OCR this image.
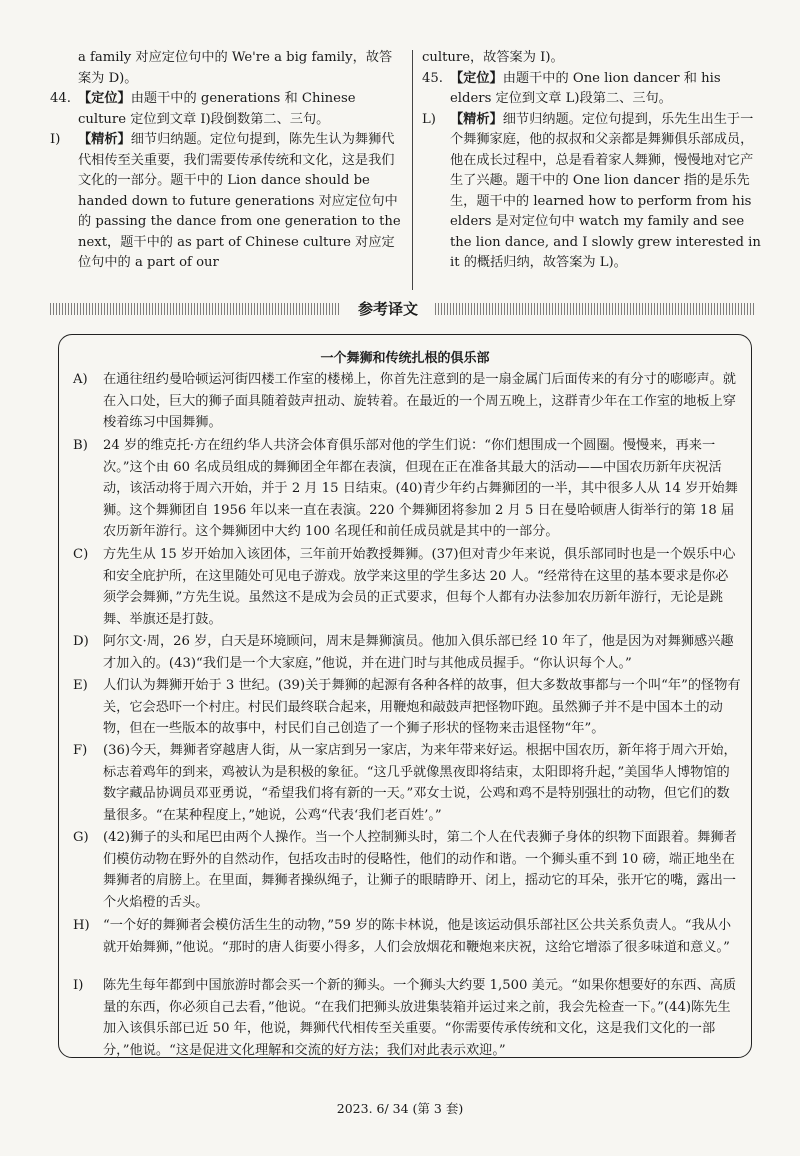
a family 对应定位句中的 We're a big family，故答案为 D)。

44. 【定位】由题干中的 generations 和 Chinese culture 定位到文章 I)段倒数第二、三句。
I) 【精析】细节归纳题。定位句提到，陈先生认为舞狮代代相传至关重要，我们需要传承传统和文化，这是我们文化的一部分。题干中的 Lion dance should be handed down to future generations 对应定位句中的 passing the dance from one generation to the next，题干中的 as part of Chinese culture 对应定位句中的 a part of our

culture，故答案为 I)。

45. 【定位】由题干中的 One lion dancer 和 his elders 定位到文章 L)段第二、三句。
L) 【精析】细节归纳题。定位句提到，乐先生出生于一个舞狮家庭，他的叔叔和父亲都是舞狮俱乐部成员，他在成长过程中，总是看着家人舞狮，慢慢地对它产生了兴趣。题干中的 One lion dancer 指的是乐先生，题干中的 learned how to perform from his elders 是对定位句中 watch my family and see the lion dance, and I slowly grew interested in it 的概括归纳，故答案为 L)。
参考译文
一个舞狮和传统扎根的俱乐部
A) 在通往纽约曼哈顿运河街四楼工作室的楼梯上，你首先注意到的是一扇金属门后面传来的有分寸的嘭嘭声。就在入口处，巨大的狮子面具随着鼓声扭动、旋转着。在最近的一个周五晚上，这群青少年在工作室的地板上穿梭着练习中国舞狮。
B) 24 岁的维克托·方在纽约华人共济会体育俱乐部对他的学生们说：“你们想围成一个圆圈。慢慢来，再来一次。”这个由 60 名成员组成的舞狮团全年都在表演，但现在正在准备其最大的活动——中国农历新年庆祝活动，该活动将于周六开始，并于 2 月 15 日结束。(40)青少年约占舞狮团的一半，其中很多人从 14 岁开始舞狮。这个舞狮团自 1956 年以来一直在表演。220 个舞狮团将参加 2 月 5 日在曼哈顿唐人街举行的第 18 届农历新年游行。这个舞狮团中大约 100 名现任和前任成员就是其中的一部分。
C) 方先生从 15 岁开始加入该团体，三年前开始教授舞狮。(37)但对青少年来说，俱乐部同时也是一个娱乐中心和安全庇护所，在这里随处可见电子游戏。放学来这里的学生多达 20 人。“经常待在这里的基本要求是你必须学会舞狮，”方先生说。虽然这不是成为会员的正式要求，但每个人都有办法参加农历新年游行，无论是跳舞、举旗还是打鼓。
D) 阿尔文·周，26 岁，白天是环境顾问，周末是舞狮演员。他加入俱乐部已经 10 年了，他是因为对舞狮感兴趣才加入的。(43)“我们是一个大家庭，”他说，并在进门时与其他成员握手。“你认识每个人。”
E) 人们认为舞狮开始于 3 世纪。(39)关于舞狮的起源有各种各样的故事，但大多数故事都与一个叫“年”的怪物有关，它会恐吓一个村庄。村民们最终联合起来，用鞭炮和敲鼓声把怪物吓跑。虽然狮子并不是中国本土的动物，但在一些版本的故事中，村民们自己创造了一个狮子形状的怪物来击退怪物“年”。
F) (36)今天，舞狮者穿越唐人街，从一家店到另一家店，为来年带来好运。根据中国农历，新年将于周六开始，标志着鸡年的到来，鸡被认为是积极的象征。“这几乎就像黑夜即将结束，太阳即将升起，”美国华人博物馆的数字藏品协调员邓亚勇说，“希望我们将有新的一天。”邓女士说，公鸡和鸡不是特别强壮的动物，但它们的数量很多。“在某种程度上，”她说，公鸡“代表‘我们老百姓’。”
G) (42)狮子的头和尾巴由两个人操作。当一个人控制狮头时，第二个人在代表狮子身体的织物下面跟着。舞狮者们模仿动物在野外的自然动作，包括攻击时的侵略性，他们的动作和谐。一个狮头重不到 10 磅，端正地坐在舞狮者的肩膀上。在里面，舞狮者操纵绳子，让狮子的眼睛睁开、闭上，摇动它的耳朵，张开它的嘴，露出一个火焰橙的舌头。
H) “一个好的舞狮者会模仿活生生的动物，”59 岁的陈卡林说，他是该运动俱乐部社区公共关系负责人。“我从小就开始舞狮，”他说。“那时的唐人街要小得多，人们会放烟花和鞭炮来庆祝，这给它增添了很多味道和意义。”
I) 陈先生每年都到中国旅游时都会买一个新的狮头。一个狮头大约要 1,500 美元。“如果你想要好的东西、高质量的东西，你必须自己去看，”他说。“在我们把狮头放进集装箱并运过来之前，我会先检查一下。”(44)陈先生加入该俱乐部已近 50 年，他说，舞狮代代相传至关重要。“你需要传承传统和文化，这是我们文化的一部分，”他说。“这是促进文化理解和交流的好方法；我们对此表示欢迎。”
2023. 6/ 34 (第 3 套)
